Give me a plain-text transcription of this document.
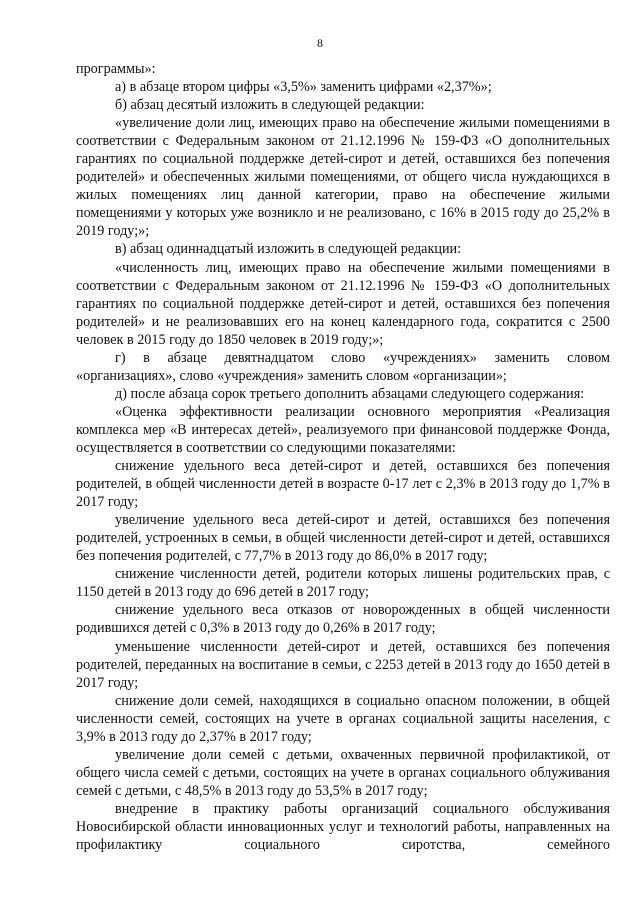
8

программы»:

а) в абзаце втором цифры «3,5%» заменить цифрами «2,37%»;

б) абзац десятый изложить в следующей редакции:

«увеличение доли лиц, имеющих право на обеспечение жилыми помещениями в соответствии с Федеральным законом от 21.12.1996 № 159-ФЗ «О дополнительных гарантиях по социальной поддержке детей-сирот и детей, оставшихся без попечения родителей» и обеспеченных жилыми помещениями, от общего числа нуждающихся в жилых помещениях лиц данной категории, право на обеспечение жилыми помещениями у которых уже возникло и не реализовано, с 16% в 2015 году до 25,2% в 2019 году;»;

в) абзац одиннадцатый изложить в следующей редакции:

«численность лиц, имеющих право на обеспечение жилыми помещениями в соответствии с Федеральным законом от 21.12.1996 № 159-ФЗ «О дополнительных гарантиях по социальной поддержке детей-сирот и детей, оставшихся без попечения родителей» и не реализовавших его на конец календарного года, сократится с 2500 человек в 2015 году до 1850 человек в 2019 году;»;

г) в абзаце девятнадцатом слово «учреждениях» заменить словом «организациях», слово «учреждения» заменить словом «организации»;

д) после абзаца сорок третьего дополнить абзацами следующего содержания:

«Оценка эффективности реализации основного мероприятия «Реализация комплекса мер «В интересах детей», реализуемого при финансовой поддержке Фонда, осуществляется в соответствии со следующими показателями:

снижение удельного веса детей-сирот и детей, оставшихся без попечения родителей, в общей численности детей в возрасте 0-17 лет с 2,3% в 2013 году до 1,7% в 2017 году;

увеличение удельного веса детей-сирот и детей, оставшихся без попечения родителей, устроенных в семьи, в общей численности детей-сирот и детей, оставшихся без попечения родителей, с 77,7% в 2013 году до 86,0% в 2017 году;

снижение численности детей, родители которых лишены родительских прав, с 1150 детей в 2013 году до 696 детей в 2017 году;

снижение удельного веса отказов от новорожденных в общей численности родившихся детей с 0,3% в 2013 году до 0,26% в 2017 году;

уменьшение численности детей-сирот и детей, оставшихся без попечения родителей, переданных на воспитание в семьи, с 2253 детей в 2013 году до 1650 детей в 2017 году;

снижение доли семей, находящихся в социально опасном положении, в общей численности семей, состоящих на учете в органах социальной защиты населения, с 3,9% в 2013 году до 2,37% в 2017 году;

увеличение доли семей с детьми, охваченных первичной профилактикой, от общего числа семей с детьми, состоящих на учете в органах социального облуживания семей с детьми, с 48,5% в 2013 году до 53,5% в 2017 году;

внедрение в практику работы организаций социального обслуживания Новосибирской области инновационных услуг и технологий работы, направленных на профилактику социального сиротства, семейного
